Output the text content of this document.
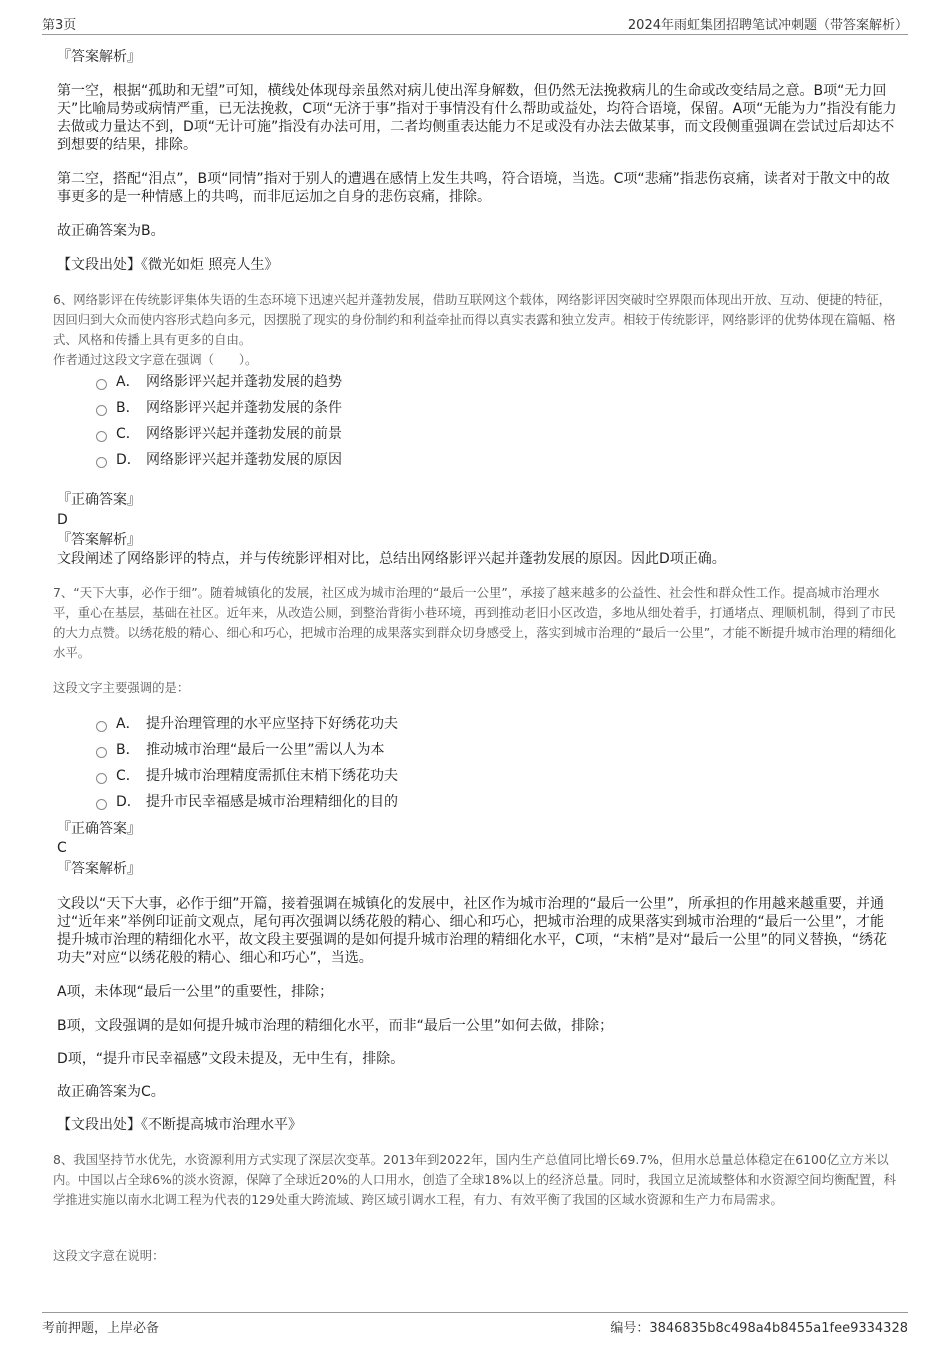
第3页	2024年雨虹集团招聘笔试冲刺题（带答案解析）
『答案解析』
第一空，根据“孤助和无望”可知，横线处体现母亲虽然对病儿使出浑身解数，但仍然无法挽救病儿的生命或改变结局之意。B项“无力回天”比喻局势或病情严重，已无法挽救，C项“无济于事”指对于事情没有什么帮助或益处，均符合语境，保留。A项“无能为力”指没有能力去做或力量达不到，D项“无计可施”指没有办法可用，二者均侧重表达能力不足或没有办法去做某事，而文段侧重强调在尝试过后却达不到想要的结果，排除。
第二空，搭配“泪点”，B项“同情”指对于别人的遭遇在感情上发生共鸣，符合语境，当选。C项“悲痛”指悲伤哀痛，读者对于散文中的故事更多的是一种情感上的共鸣，而非厄运加之自身的悲伤哀痛，排除。
故正确答案为B。
【文段出处】《微光如炬 照亮人生》
6、网络影评在传统影评集体失语的生态环境下迅速兴起并蓬勃发展，借助互联网这个载体，网络影评因突破时空界限而体现出开放、互动、便捷的特征，因回归到大众而使内容形式趋向多元，因摆脱了现实的身份制约和利益牵扯而得以真实表露和独立发声。相较于传统影评，网络影评的优势体现在篇幅、格式、风格和传播上具有更多的自由。
作者通过这段文字意在强调（　　）。
A． 网络影评兴起并蓬勃发展的趋势
B． 网络影评兴起并蓬勃发展的条件
C． 网络影评兴起并蓬勃发展的前景
D． 网络影评兴起并蓬勃发展的原因
『正确答案』
D
『答案解析』
文段阐述了网络影评的特点，并与传统影评相对比，总结出网络影评兴起并蓬勃发展的原因。因此D项正确。
7、“天下大事，必作于细”。随着城镇化的发展，社区成为城市治理的“最后一公里”，承接了越来越多的公益性、社会性和群众性工作。提高城市治理水平，重心在基层，基础在社区。近年来，从改造公厕，到整治背街小巷环境，再到推动老旧小区改造，多地从细处着手，打通堵点、理顺机制，得到了市民的大力点赞。以绣花般的精心、细心和巧心，把城市治理的成果落实到群众切身感受上，落实到城市治理的“最后一公里”，才能不断提升城市治理的精细化水平。
这段文字主要强调的是：
A． 提升治理管理的水平应坚持下好绣花功夫
B． 推动城市治理“最后一公里”需以人为本
C． 提升城市治理精度需抓住末梢下绣花功夫
D． 提升市民幸福感是城市治理精细化的目的
『正确答案』
C
『答案解析』
文段以“天下大事，必作于细”开篇，接着强调在城镇化的发展中，社区作为城市治理的“最后一公里”，所承担的作用越来越重要，并通过“近年来”举例印证前文观点，尾句再次强调以绣花般的精心、细心和巧心，把城市治理的成果落实到城市治理的“最后一公里”，才能提升城市治理的精细化水平，故文段主要强调的是如何提升城市治理的精细化水平，C项，“末梢”是对“最后一公里”的同义替换，“绣花功夫”对应“以绣花般的精心、细心和巧心”，当选。
A项，未体现“最后一公里”的重要性，排除；
B项，文段强调的是如何提升城市治理的精细化水平，而非“最后一公里”如何去做，排除；
D项，“提升市民幸福感”文段未提及，无中生有，排除。
故正确答案为C。
【文段出处】《不断提高城市治理水平》
8、我国坚持节水优先，水资源利用方式实现了深层次变革。2013年到2022年，国内生产总值同比增长69.7%，但用水总量总体稳定在6100亿立方米以内。中国以占全球6%的淡水资源，保障了全球近20%的人口用水，创造了全球18%以上的经济总量。同时，我国立足流域整体和水资源空间均衡配置，科学推进实施以南水北调工程为代表的129处重大跨流域、跨区域引调水工程，有力、有效平衡了我国的区域水资源和生产力布局需求。
这段文字意在说明：
考前押题，上岸必备	编号：3846835b8c498a4b8455a1fee9334328
